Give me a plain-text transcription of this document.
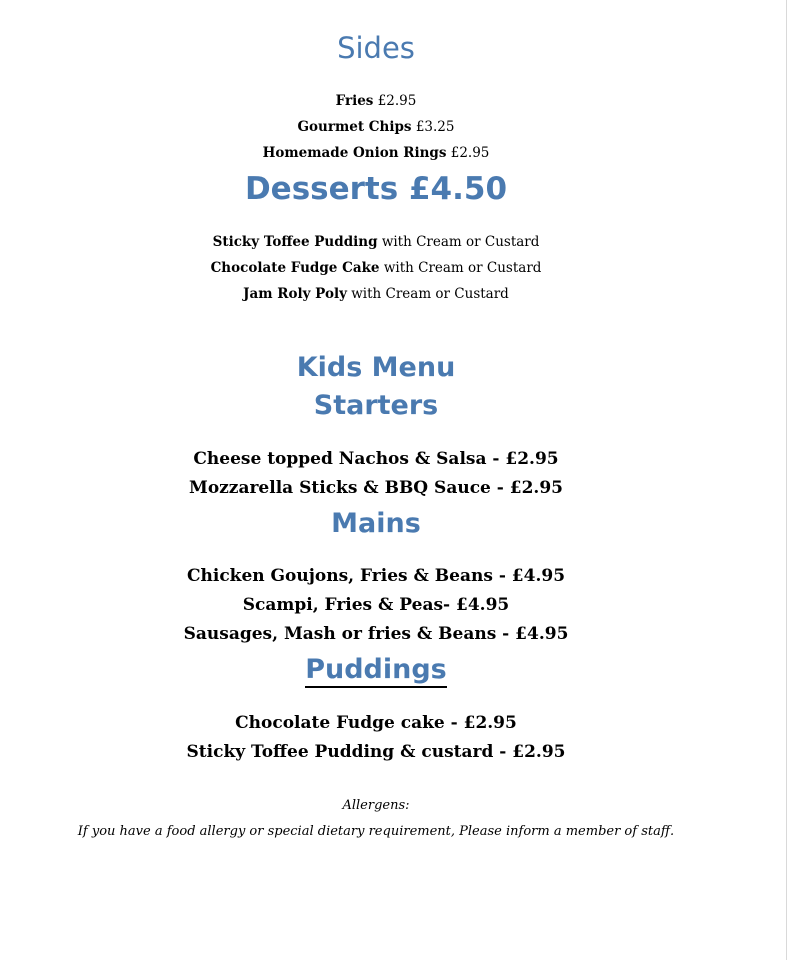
Sides
Fries £2.95
Gourmet Chips £3.25
Homemade Onion Rings £2.95
Desserts £4.50
Sticky Toffee Pudding with Cream or Custard
Chocolate Fudge Cake with Cream or Custard
Jam Roly Poly with Cream or Custard
Kids Menu
Starters
Cheese topped Nachos & Salsa - £2.95
Mozzarella Sticks & BBQ Sauce - £2.95
Mains
Chicken Goujons, Fries & Beans - £4.95
Scampi, Fries & Peas- £4.95
Sausages, Mash or fries & Beans - £4.95
Puddings
Chocolate Fudge cake - £2.95
Sticky Toffee Pudding & custard - £2.95
Allergens:
If you have a food allergy or special dietary requirement, Please inform a member of staff.
